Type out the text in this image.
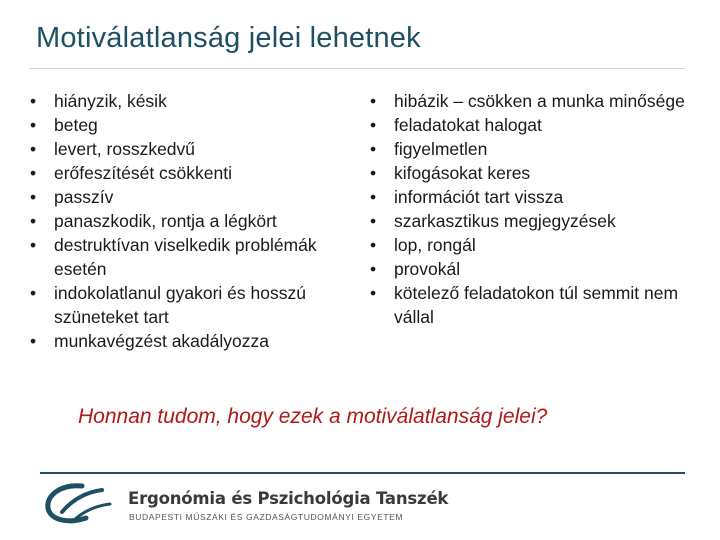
Motiválatlanság jelei lehetnek
• hiányzik, késik
• beteg
• levert, rosszkedvű
• erőfeszítését csökkenti
• passzív
• panaszkodik, rontja a légkört
• destruktívan viselkedik problémák esetén
• indokolatlanul gyakori és hosszú szüneteket tart
• munkavégzést akadályozza
• hibázik – csökken a munka minősége
• feladatokat halogat
• figyelmetlen
• kifogásokat keres
• információt tart vissza
• szarkasztikus megjegyzések
• lop, rongál
• provokál
• kötelező feladatokon túl semmit nem vállal
Honnan tudom, hogy ezek a motiválatlanság jelei?
Ergonómia és Pszichológia Tanszék
BUDAPESTI MŰSZAKI ÉS GAZDASÁGTUDOMÁNYI EGYETEM
